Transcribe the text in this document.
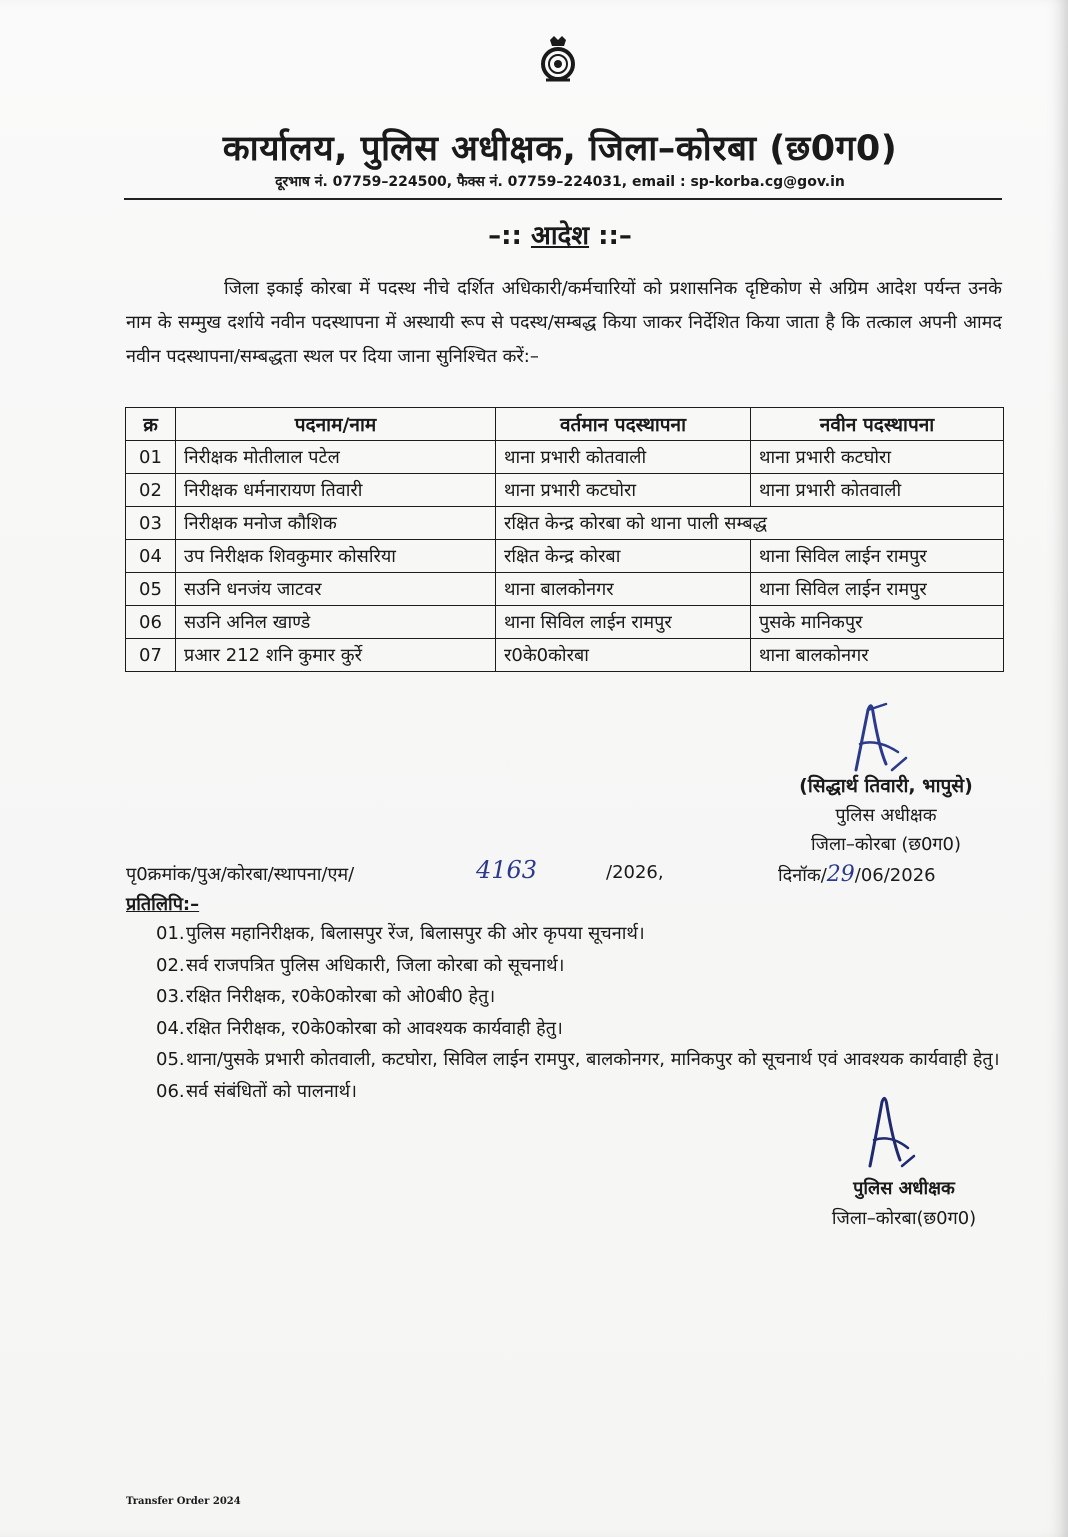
कार्यालय, पुलिस अधीक्षक, जिला–कोरबा (छ0ग0)
दूरभाष नं. 07759–224500, फैक्स नं. 07759–224031, email : sp-korba.cg@gov.in
–:: आदेश ::–
जिला इकाई कोरबा में पदस्थ नीचे दर्शित अधिकारी/कर्मचारियों को प्रशासनिक दृष्टिकोण से अग्रिम आदेश पर्यन्त उनके नाम के सम्मुख दर्शाये नवीन पदस्थापना में अस्थायी रूप से पदस्थ/सम्बद्ध किया जाकर निर्देशित किया जाता है कि तत्काल अपनी आमद नवीन पदस्थापना/सम्बद्धता स्थल पर दिया जाना सुनिश्चित करें:–
क्र	पदनाम/नाम	वर्तमान पदस्थापना	नवीन पदस्थापना
01	निरीक्षक मोतीलाल पटेल	थाना प्रभारी कोतवाली	थाना प्रभारी कटघोरा
02	निरीक्षक धर्मनारायण तिवारी	थाना प्रभारी कटघोरा	थाना प्रभारी कोतवाली
03	निरीक्षक मनोज कौशिक	रक्षित केन्द्र कोरबा को थाना पाली सम्बद्ध	
04	उप निरीक्षक शिवकुमार कोसरिया	रक्षित केन्द्र कोरबा	थाना सिविल लाईन रामपुर
05	सउनि धनजंय जाटवर	थाना बालकोनगर	थाना सिविल लाईन रामपुर
06	सउनि अनिल खाण्डे	थाना सिविल लाईन रामपुर	पुसके मानिकपुर
07	प्रआर 212 शनि कुमार कुर्रे	र0के0कोरबा	थाना बालकोनगर
(सिद्धार्थ तिवारी, भापुसे)
पुलिस अधीक्षक
जिला–कोरबा (छ0ग0)
पृ0क्रमांक/पुअ/कोरबा/स्थापना/एम/	4163	/2026,	दिनॉक/29/06/2026
प्रतिलिपि:–
01. पुलिस महानिरीक्षक, बिलासपुर रेंज, बिलासपुर की ओर कृपया सूचनार्थ।
02. सर्व राजपत्रित पुलिस अधिकारी, जिला कोरबा को सूचनार्थ।
03. रक्षित निरीक्षक, र0के0कोरबा को ओ0बी0 हेतु।
04. रक्षित निरीक्षक, र0के0कोरबा को आवश्यक कार्यवाही हेतु।
05. थाना/पुसके प्रभारी कोतवाली, कटघोरा, सिविल लाईन रामपुर, बालकोनगर, मानिकपुर को सूचनार्थ एवं आवश्यक कार्यवाही हेतु।
06. सर्व संबंधितों को पालनार्थ।
पुलिस अधीक्षक
जिला–कोरबा(छ0ग0)
Transfer Order 2024
